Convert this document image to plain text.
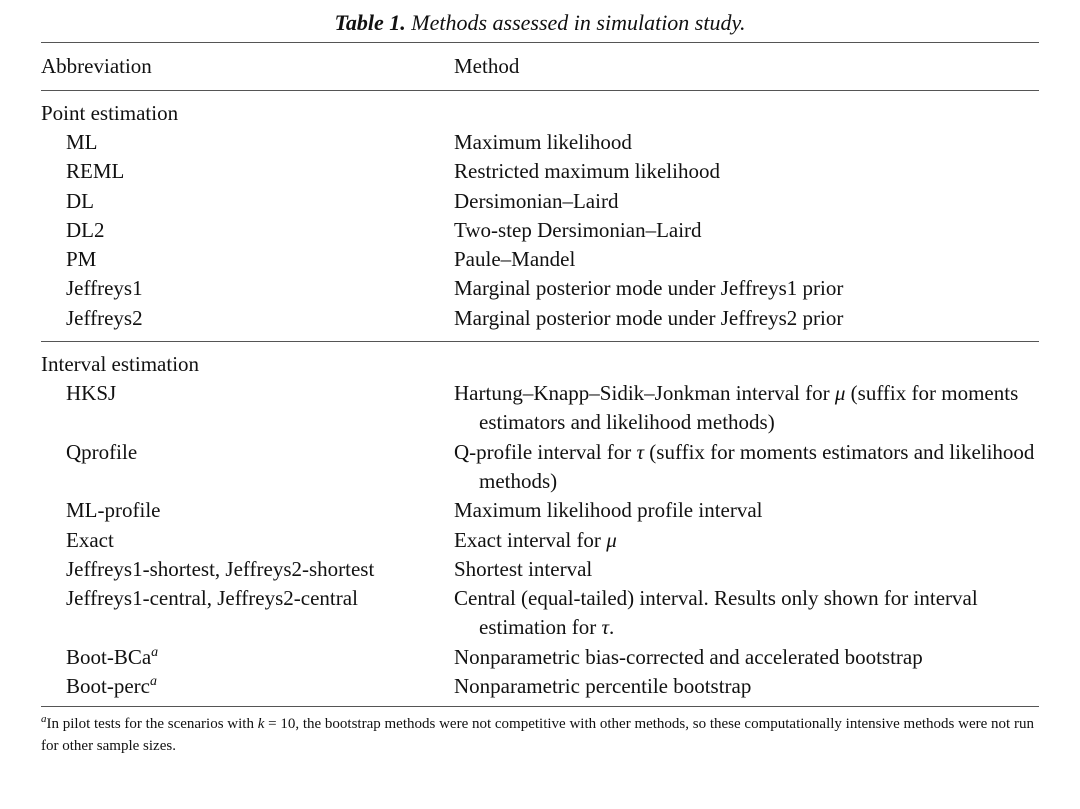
Table 1. Methods assessed in simulation study.
Abbreviation	Method
Point estimation
ML	Maximum likelihood
REML	Restricted maximum likelihood
DL	Dersimonian–Laird
DL2	Two-step Dersimonian–Laird
PM	Paule–Mandel
Jeffreys1	Marginal posterior mode under Jeffreys1 prior
Jeffreys2	Marginal posterior mode under Jeffreys2 prior
Interval estimation
HKSJ	Hartung–Knapp–Sidik–Jonkman interval for μ (suffix for moments estimators and likelihood methods)
Qprofile	Q-profile interval for τ (suffix for moments estimators and likelihood methods)
ML-profile	Maximum likelihood profile interval
Exact	Exact interval for μ
Jeffreys1-shortest, Jeffreys2-shortest	Shortest interval
Jeffreys1-central, Jeffreys2-central	Central (equal-tailed) interval. Results only shown for interval estimation for τ.
Boot-BCa$^a$	Nonparametric bias-corrected and accelerated bootstrap
Boot-perc$^a$	Nonparametric percentile bootstrap
$^a$In pilot tests for the scenarios with k = 10, the bootstrap methods were not competitive with other methods, so these computationally intensive methods were not run for other sample sizes.
